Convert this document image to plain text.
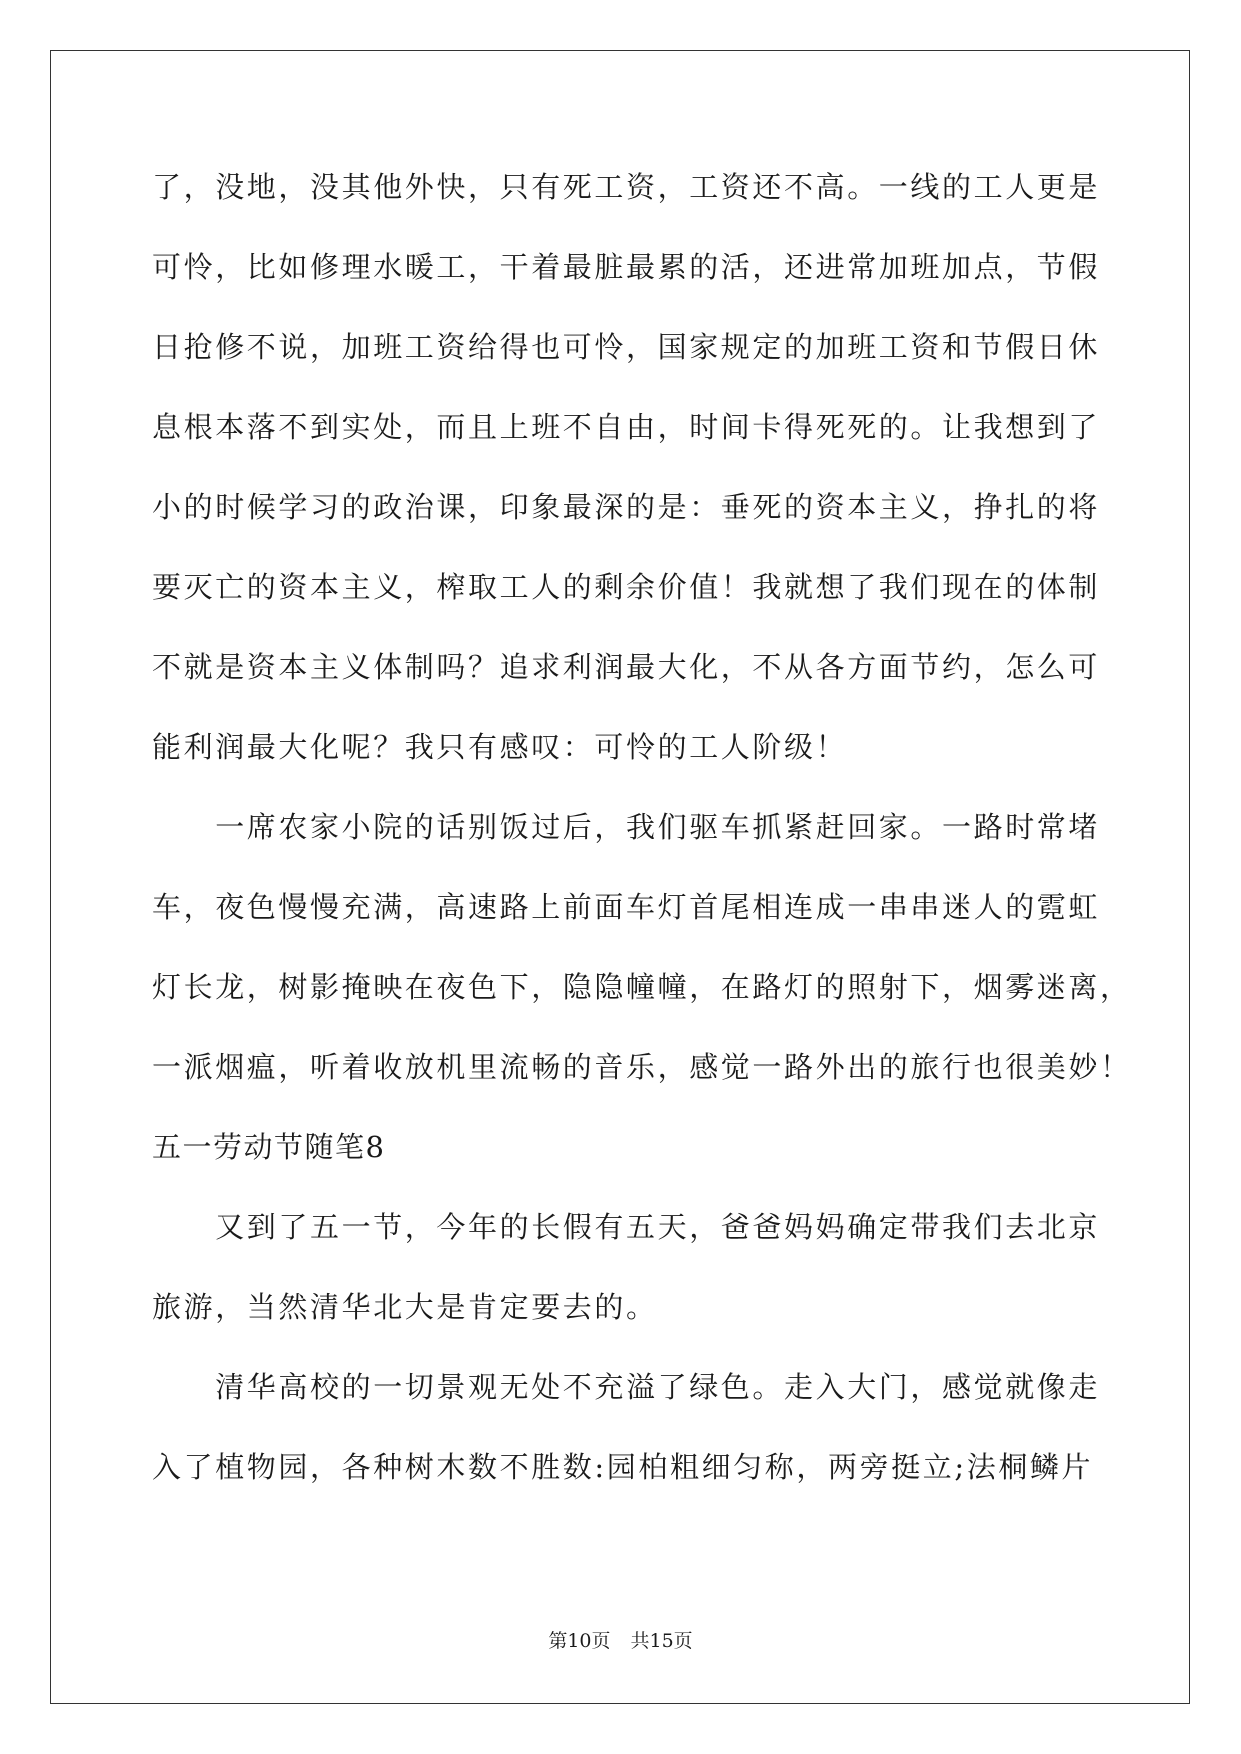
了，没地，没其他外快，只有死工资，工资还不高。一线的工人更是
可怜，比如修理水暖工，干着最脏最累的活，还进常加班加点，节假
日抢修不说，加班工资给得也可怜，国家规定的加班工资和节假日休
息根本落不到实处，而且上班不自由，时间卡得死死的。让我想到了
小的时候学习的政治课，印象最深的是：垂死的资本主义，挣扎的将
要灭亡的资本主义，榨取工人的剩余价值！我就想了我们现在的体制
不就是资本主义体制吗？追求利润最大化，不从各方面节约，怎么可
能利润最大化呢？我只有感叹：可怜的工人阶级！
　　一席农家小院的话别饭过后，我们驱车抓紧赶回家。一路时常堵
车，夜色慢慢充满，高速路上前面车灯首尾相连成一串串迷人的霓虹
灯长龙，树影掩映在夜色下，隐隐幢幢，在路灯的照射下，烟雾迷离，
一派烟瘟，听着收放机里流畅的音乐，感觉一路外出的旅行也很美妙！
五一劳动节随笔8
　　又到了五一节，今年的长假有五天，爸爸妈妈确定带我们去北京
旅游，当然清华北大是肯定要去的。
　　清华高校的一切景观无处不充溢了绿色。走入大门，感觉就像走
入了植物园，各种树木数不胜数:园柏粗细匀称，两旁挺立;法桐鳞片
第10页 共15页
